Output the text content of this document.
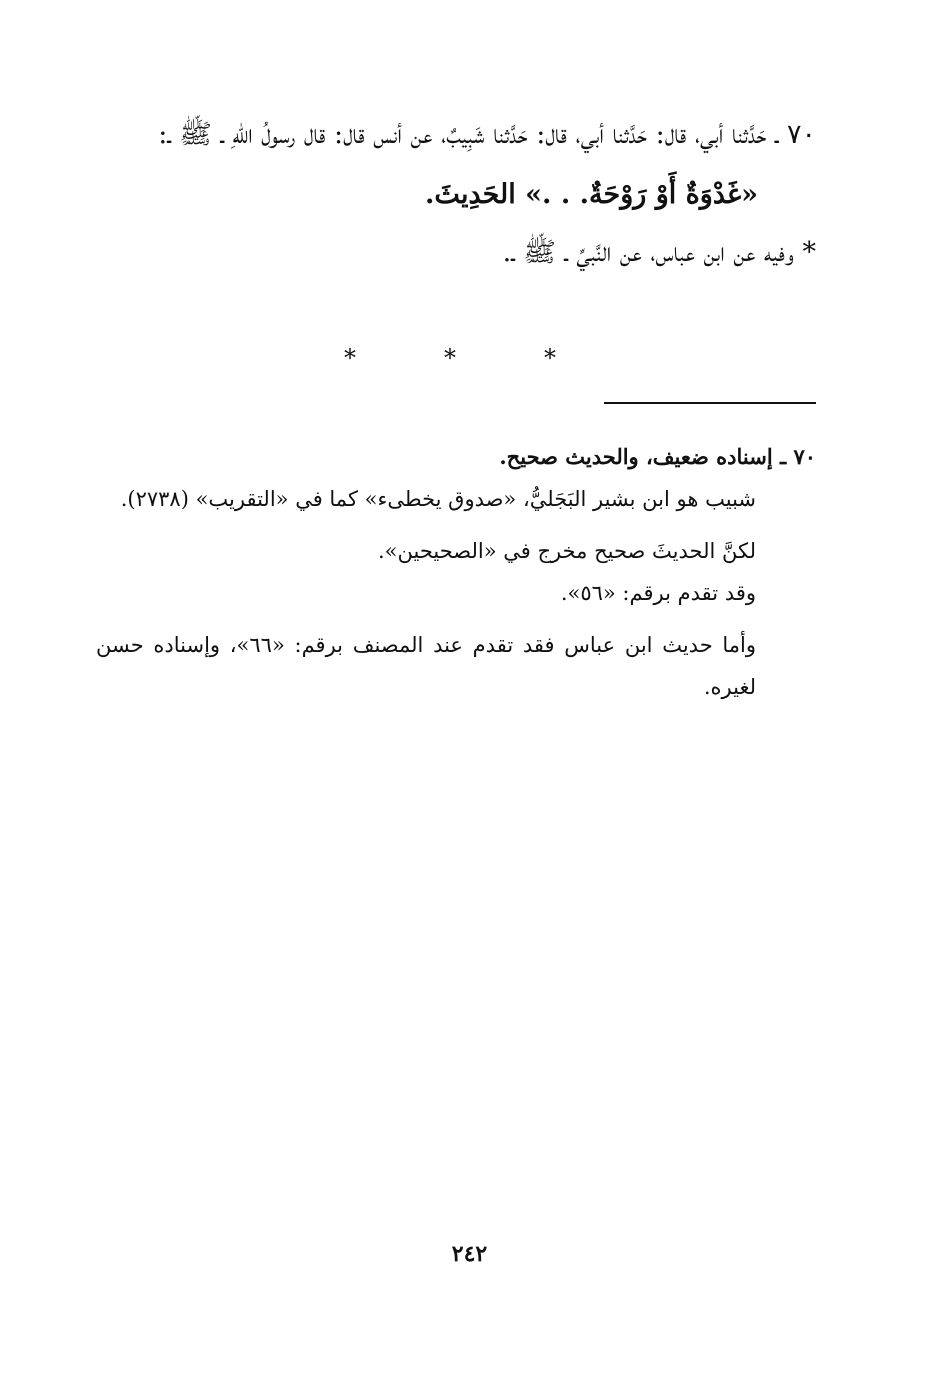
٧٠ ـ حَدَّثنا أبي، قال: حَدَّثنا أبي، قال: حَدَّثنا شَبِيبٌ، عن أنس قال: قال رسولُ اللهِ ـ ﷺ ـ:

«غَدْوَةٌ أَوْ رَوْحَةٌ. . .» الحَدِيثَ.

* وفيه عن ابن عباس، عن النَّبيِّ ـ ﷺ ـ.

*	*	*

٧٠ ـ إسناده ضعيف، والحديث صحيح.

شبيب هو ابن بشير البَجَليُّ، «صدوق يخطىء» كما في «التقريب» (٢٧٣٨).

لكنَّ الحديثَ صحيح مخرج في «الصحيحين».

وقد تقدم برقم: «٥٦».

وأما حديث ابن عباس فقد تقدم عند المصنف برقم: «٦٦»، وإسناده حسن لغيره.

٢٤٢
